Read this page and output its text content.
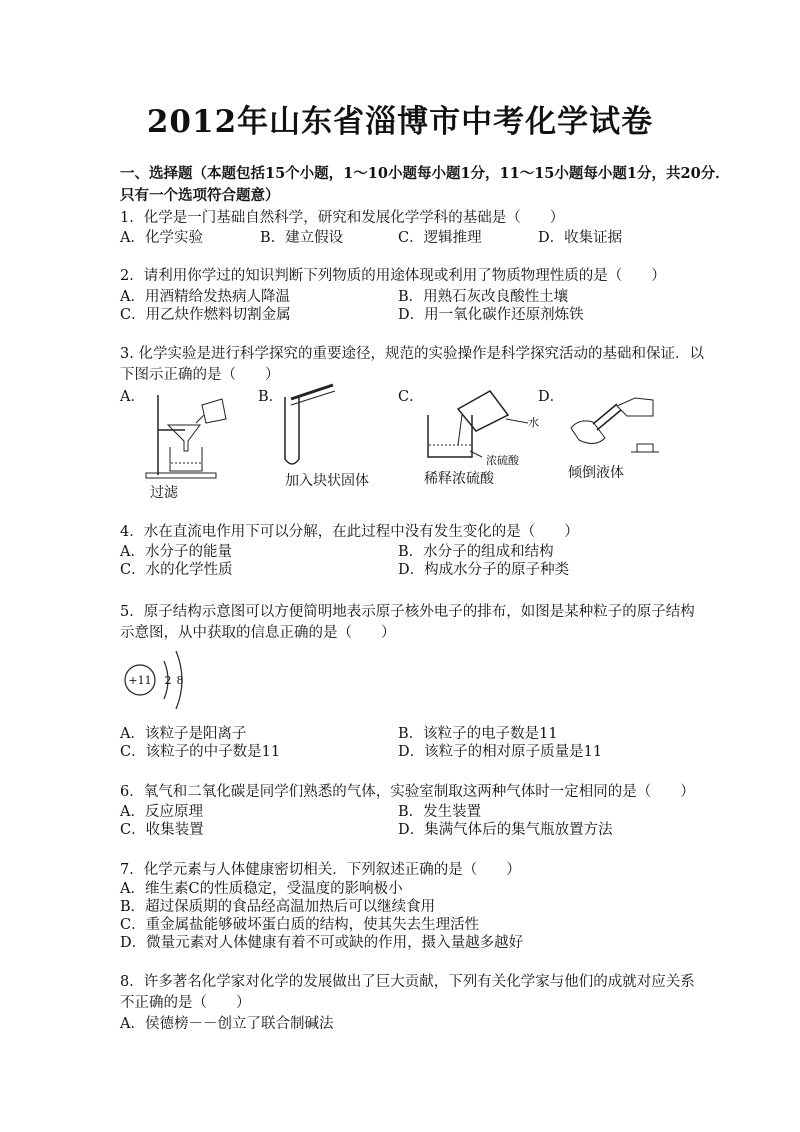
2012年山东省淄博市中考化学试卷
一、选择题（本题包括15个小题，1～10小题每小题1分，11～15小题每小题1分，共20分．
只有一个选项符合题意）
1．化学是一门基础自然科学，研究和发展化学学科的基础是（　　）
A．化学实验	B．建立假设	C．逻辑推理	D．收集证据
2．请利用你学过的知识判断下列物质的用途体现或利用了物质物理性质的是（　　）
A．用酒精给发热病人降温	B．用熟石灰改良酸性土壤
C．用乙炔作燃料切割金属	D．用一氧化碳作还原剂炼铁
3. 化学实验是进行科学探究的重要途径，规范的实验操作是科学探究活动的基础和保证．以
下图示正确的是（　　）
A．	B．	C．	D．
过滤
加入块状固体
水
浓硫酸
稀释浓硫酸	倾倒液体
4．水在直流电作用下可以分解，在此过程中没有发生变化的是（　　）
A．水分子的能量	B．水分子的组成和结构
C．水的化学性质	D．构成水分子的原子种类
5．原子结构示意图可以方便简明地表示原子核外电子的排布，如图是某种粒子的原子结构
示意图，从中获取的信息正确的是（　　）
+11 2 8
A．该粒子是阳离子	B．该粒子的电子数是11
C．该粒子的中子数是11	D．该粒子的相对原子质量是11
6．氧气和二氧化碳是同学们熟悉的气体，实验室制取这两种气体时一定相同的是（　　）
A．反应原理	B．发生装置
C．收集装置	D．集满气体后的集气瓶放置方法
7．化学元素与人体健康密切相关．下列叙述正确的是（　　）
A．维生素C的性质稳定，受温度的影响极小
B．超过保质期的食品经高温加热后可以继续食用
C．重金属盐能够破坏蛋白质的结构，使其失去生理活性
D．微量元素对人体健康有着不可或缺的作用，摄入量越多越好
8．许多著名化学家对化学的发展做出了巨大贡献，下列有关化学家与他们的成就对应关系
不正确的是（　　）
A．侯德榜－－创立了联合制碱法
